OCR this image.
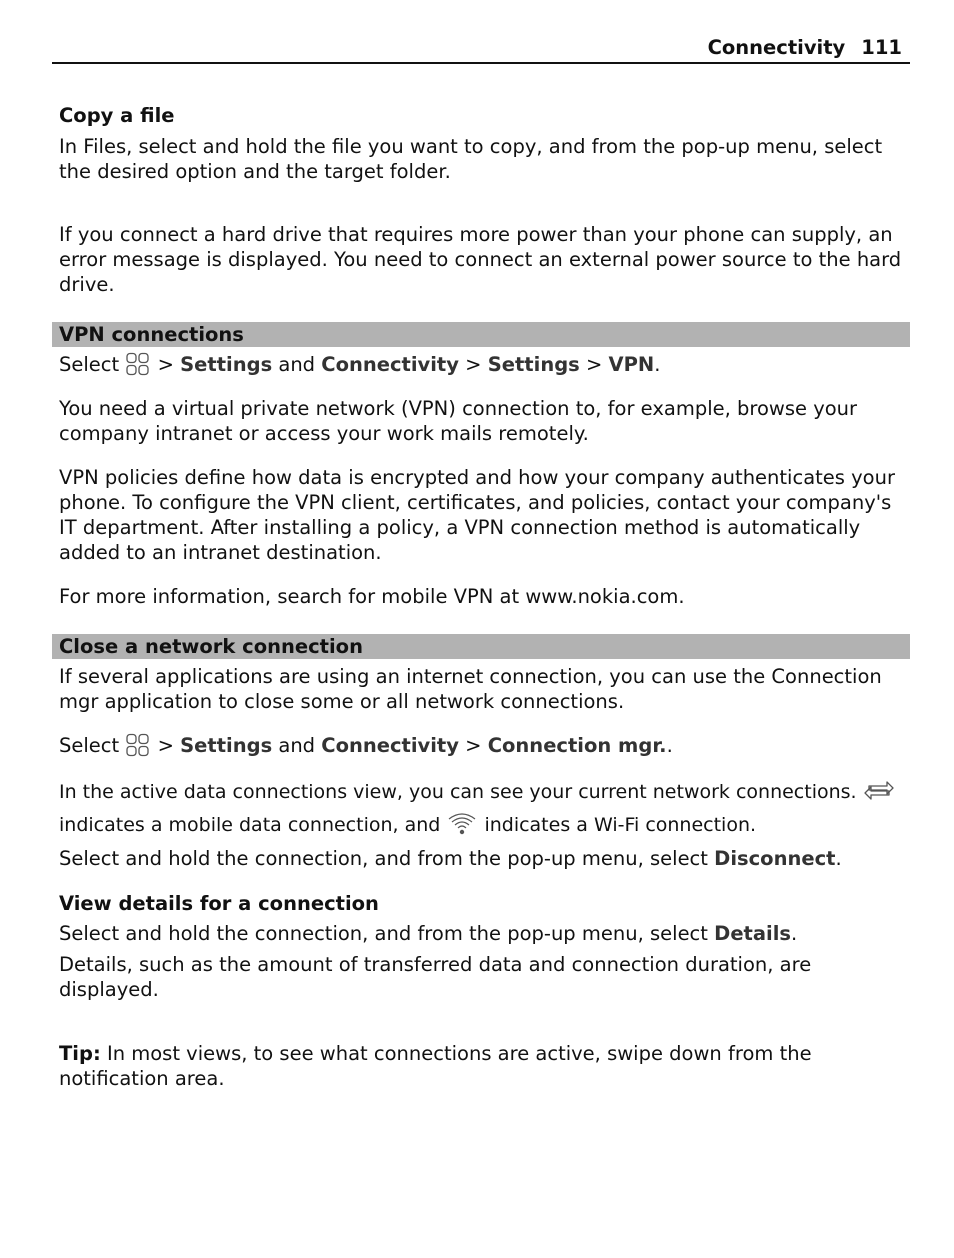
Connectivity 111
Copy a file
In Files, select and hold the file you want to copy, and from the pop-up menu, select the desired option and the target folder.
If you connect a hard drive that requires more power than your phone can supply, an error message is displayed. You need to connect an external power source to the hard drive.
VPN connections
Select  > Settings and Connectivity > Settings > VPN.
You need a virtual private network (VPN) connection to, for example, browse your company intranet or access your work mails remotely.
VPN policies define how data is encrypted and how your company authenticates your phone. To configure the VPN client, certificates, and policies, contact your company's IT department. After installing a policy, a VPN connection method is automatically added to an intranet destination.
For more information, search for mobile VPN at www.nokia.com.
Close a network connection
If several applications are using an internet connection, you can use the Connection mgr application to close some or all network connections.
Select  > Settings and Connectivity > Connection mgr..
In the active data connections view, you can see your current network connections.
indicates a mobile data connection, and indicates a Wi-Fi connection.
Select and hold the connection, and from the pop-up menu, select Disconnect.
View details for a connection
Select and hold the connection, and from the pop-up menu, select Details.
Details, such as the amount of transferred data and connection duration, are displayed.
Tip: In most views, to see what connections are active, swipe down from the notification area.
